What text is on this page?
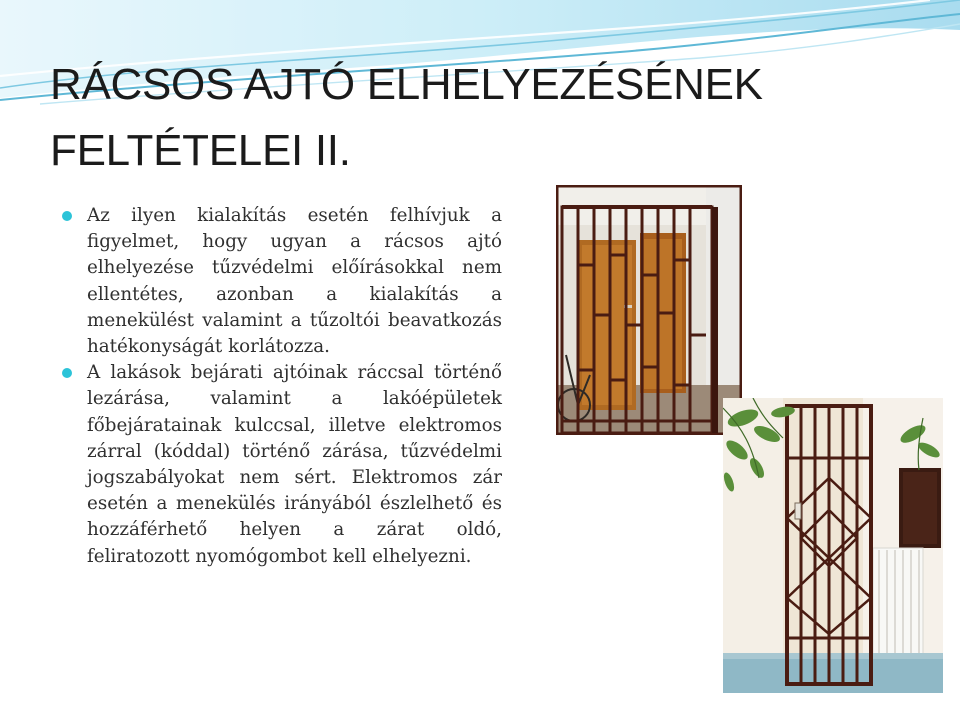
RÁCSOS AJTÓ ELHELYEZÉSÉNEK
FELTÉTELEI II.
Az ilyen kialakítás esetén felhívjuk a figyelmet, hogy ugyan a rácsos ajtó elhelyezése tűzvédelmi előírásokkal nem ellentétes, azonban a kialakítás a menekülést valamint a tűzoltói beavatkozás hatékonyságát korlátozza.
A lakások bejárati ajtóinak ráccsal történő lezárása, valamint a lakóépületek főbejáratainak kulccsal, illetve elektromos zárral (kóddal) történő zárása, tűzvédelmi jogszabályokat nem sért. Elektromos zár esetén a menekülés irányából észlelhető és hozzáférhető helyen a zárat oldó, feliratozott nyomógombot kell elhelyezni.
